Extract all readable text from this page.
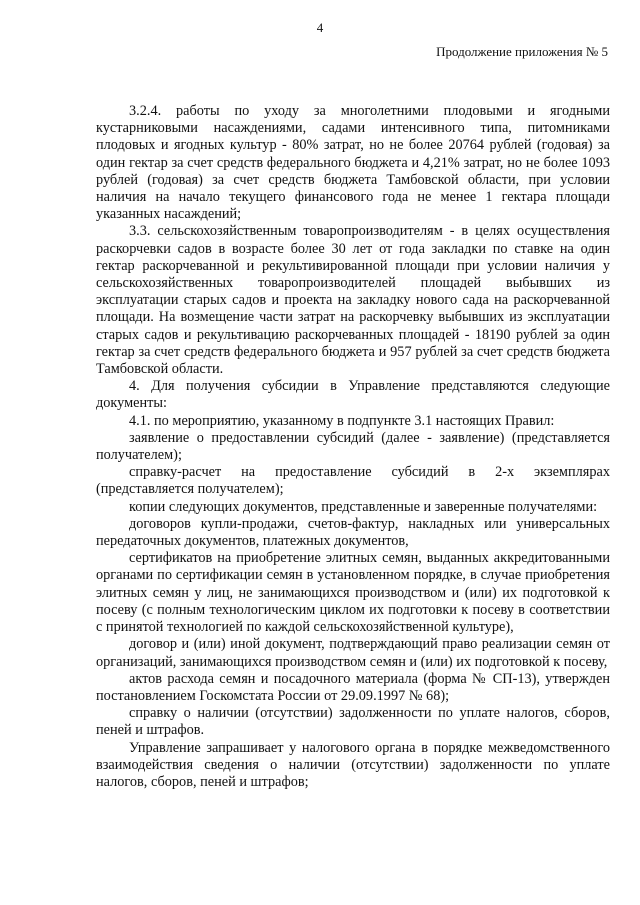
4
Продолжение приложения № 5

3.2.4. работы по уходу за многолетними плодовыми и ягодными кустарниковыми насаждениями, садами интенсивного типа, питомниками плодовых и ягодных культур - 80% затрат, но не более 20764 рублей (годовая) за один гектар за счет средств федерального бюджета и 4,21% затрат, но не более 1093 рублей (годовая) за счет средств бюджета Тамбовской области, при условии наличия на начало текущего финансового года не менее 1 гектара площади указанных насаждений;

3.3. сельскохозяйственным товаропроизводителям - в целях осуществления раскорчевки садов в возрасте более 30 лет от года закладки по ставке на один гектар раскорчеванной и рекультивированной площади при условии наличия у сельскохозяйственных товаропроизводителей площадей выбывших из эксплуатации старых садов и проекта на закладку нового сада на раскорчеванной площади. На возмещение части затрат на раскорчевку выбывших из эксплуатации старых садов и рекультивацию раскорчеванных площадей - 18190 рублей за один гектар за счет средств федерального бюджета и 957 рублей за счет средств бюджета Тамбовской области.

4. Для получения субсидии в Управление представляются следующие документы:

4.1. по мероприятию, указанному в подпункте 3.1 настоящих Правил:

заявление о предоставлении субсидий (далее - заявление) (представляется получателем);

справку-расчет на предоставление субсидий в 2-х экземплярах (представляется получателем);

копии следующих документов, представленные и заверенные получателями:

договоров купли-продажи, счетов-фактур, накладных или универсальных передаточных документов, платежных документов,

сертификатов на приобретение элитных семян, выданных аккредитованными органами по сертификации семян в установленном порядке, в случае приобретения элитных семян у лиц, не занимающихся производством и (или) их подготовкой к посеву (с полным технологическим циклом их подготовки к посеву в соответствии с принятой технологией по каждой сельскохозяйственной культуре),

договор и (или) иной документ, подтверждающий право реализации семян от организаций, занимающихся производством семян и (или) их подготовкой к посеву,

актов расхода семян и посадочного материала (форма № СП-13), утвержден постановлением Госкомстата России от 29.09.1997 № 68);

справку о наличии (отсутствии) задолженности по уплате налогов, сборов, пеней и штрафов.

Управление запрашивает у налогового органа в порядке межведомственного взаимодействия сведения о наличии (отсутствии) задолженности по уплате налогов, сборов, пеней и штрафов;
